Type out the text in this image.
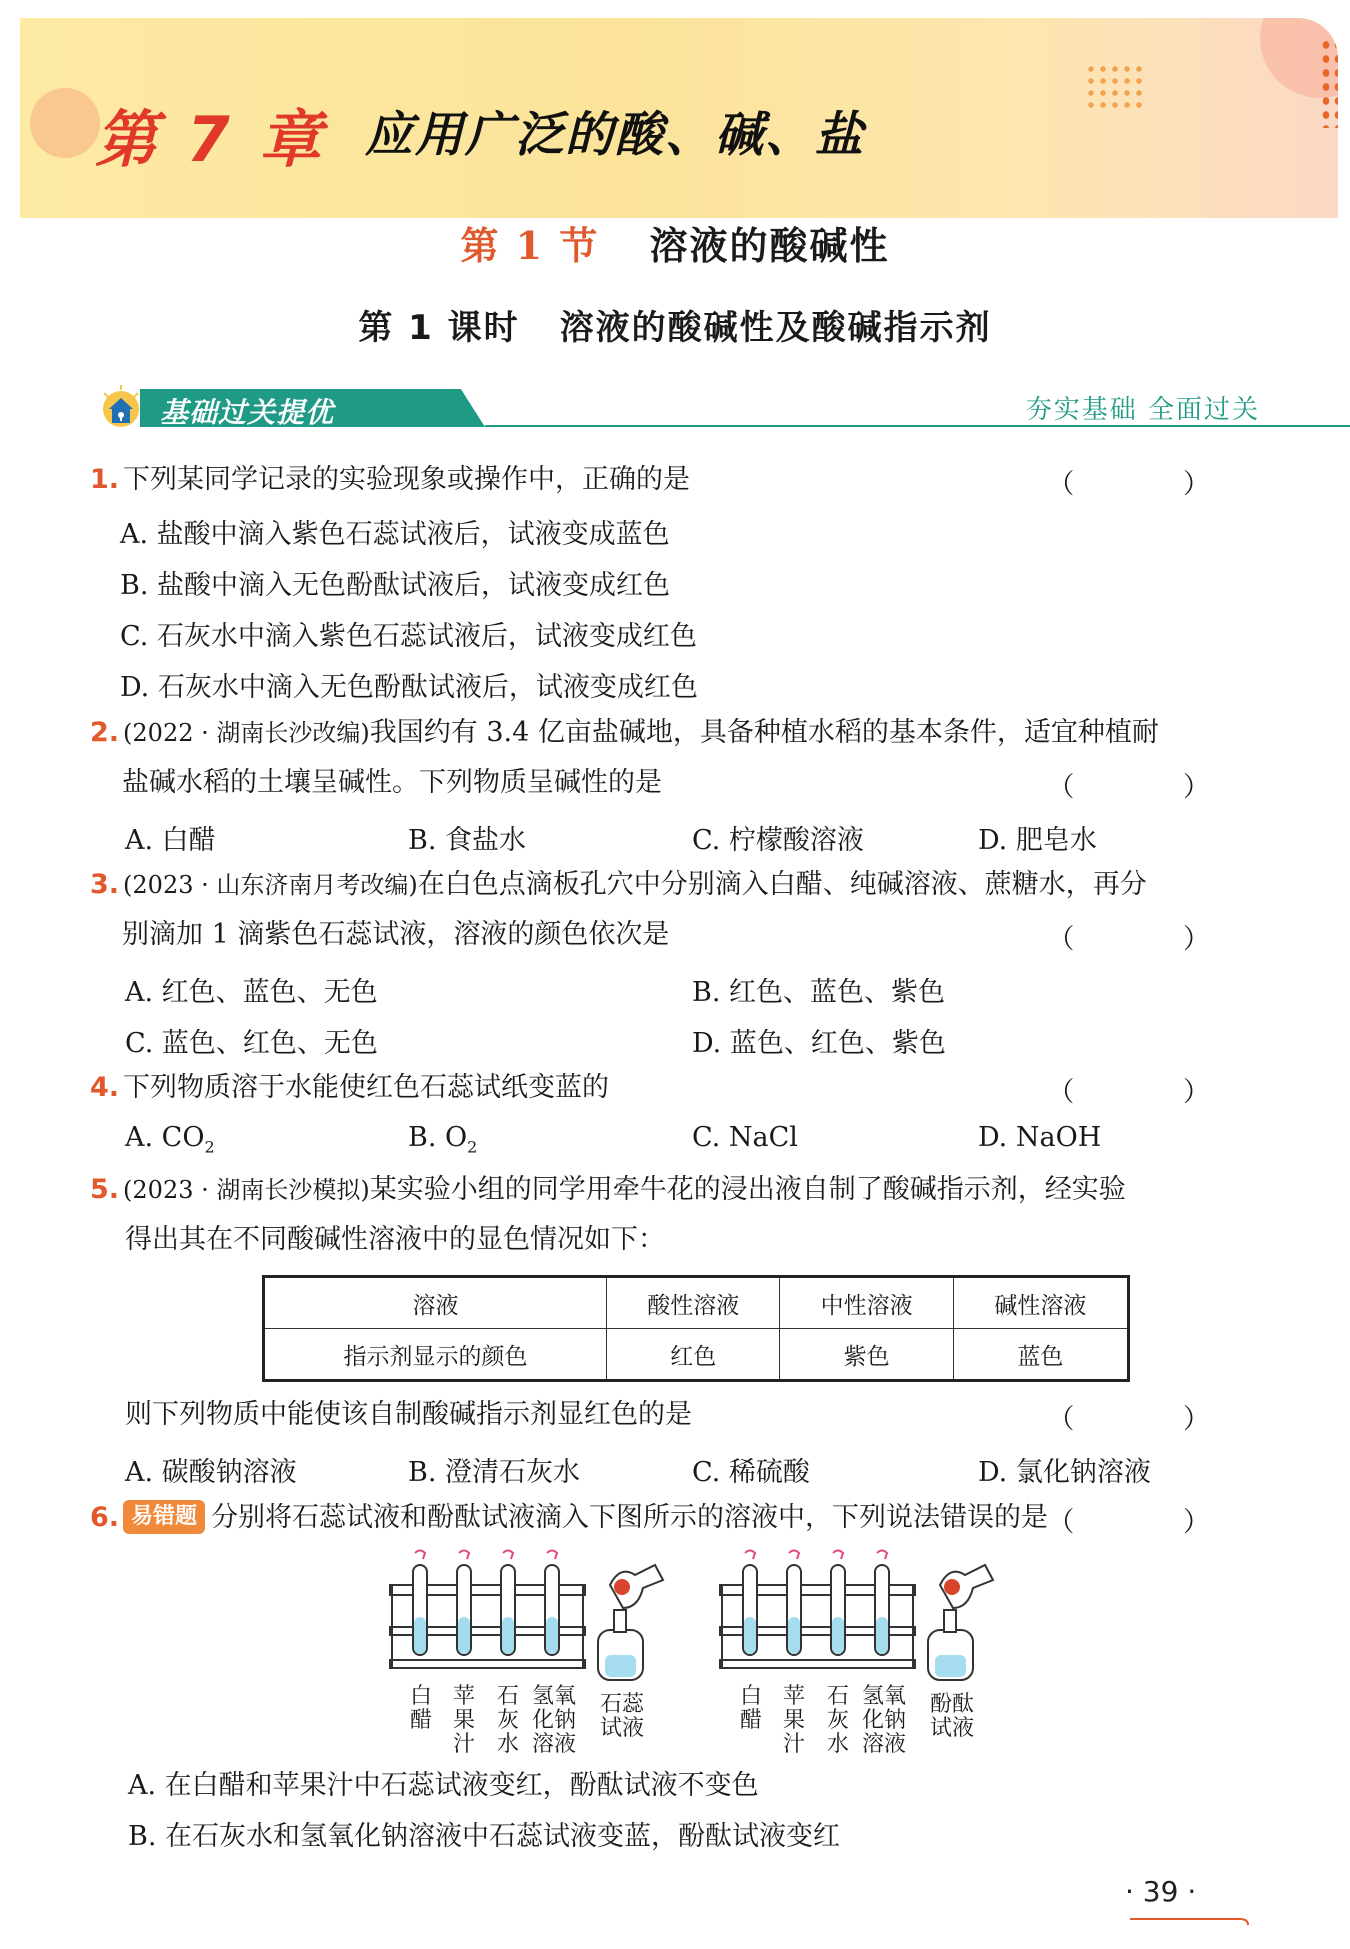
第 7 章 应用广泛的酸、碱、盐
第 1 节 溶液的酸碱性
第 1 课时 溶液的酸碱性及酸碱指示剂
基础过关提优	夯实基础 全面过关
1. 下列某同学记录的实验现象或操作中，正确的是	（ ）
A. 盐酸中滴入紫色石蕊试液后，试液变成蓝色
B. 盐酸中滴入无色酚酞试液后，试液变成红色
C. 石灰水中滴入紫色石蕊试液后，试液变成红色
D. 石灰水中滴入无色酚酞试液后，试液变成红色
2. (2022 · 湖南长沙改编)我国约有 3.4 亿亩盐碱地，具备种植水稻的基本条件，适宜种植耐
盐碱水稻的土壤呈碱性。下列物质呈碱性的是	（ ）
A. 白醋	B. 食盐水	C. 柠檬酸溶液	D. 肥皂水
3. (2023 · 山东济南月考改编)在白色点滴板孔穴中分别滴入白醋、纯碱溶液、蔗糖水，再分
别滴加 1 滴紫色石蕊试液，溶液的颜色依次是	（ ）
A. 红色、蓝色、无色	B. 红色、蓝色、紫色
C. 蓝色、红色、无色	D. 蓝色、红色、紫色
4. 下列物质溶于水能使红色石蕊试纸变蓝的	（ ）
A. $CO_2$	B. $O_2$	C. NaCl	D. NaOH
5. (2023 · 湖南长沙模拟)某实验小组的同学用牵牛花的浸出液自制了酸碱指示剂，经实验
得出其在不同酸碱性溶液中的显色情况如下：
溶液	酸性溶液	中性溶液	碱性溶液
指示剂显示的颜色	红色	紫色	蓝色
则下列物质中能使该自制酸碱指示剂显红色的是	（ ）
A. 碳酸钠溶液	B. 澄清石灰水	C. 稀硫酸	D. 氯化钠溶液
6. 易错题 分别将石蕊试液和酚酞试液滴入下图所示的溶液中，下列说法错误的是 （ ）
白醋
苹果汁
石灰水
氢氧化钠溶液
石蕊试液
白醋
苹果汁
石灰水
氢氧化钠溶液
酚酞试液
A. 在白醋和苹果汁中石蕊试液变红，酚酞试液不变色
B. 在石灰水和氢氧化钠溶液中石蕊试液变蓝，酚酞试液变红
· 39 ·
